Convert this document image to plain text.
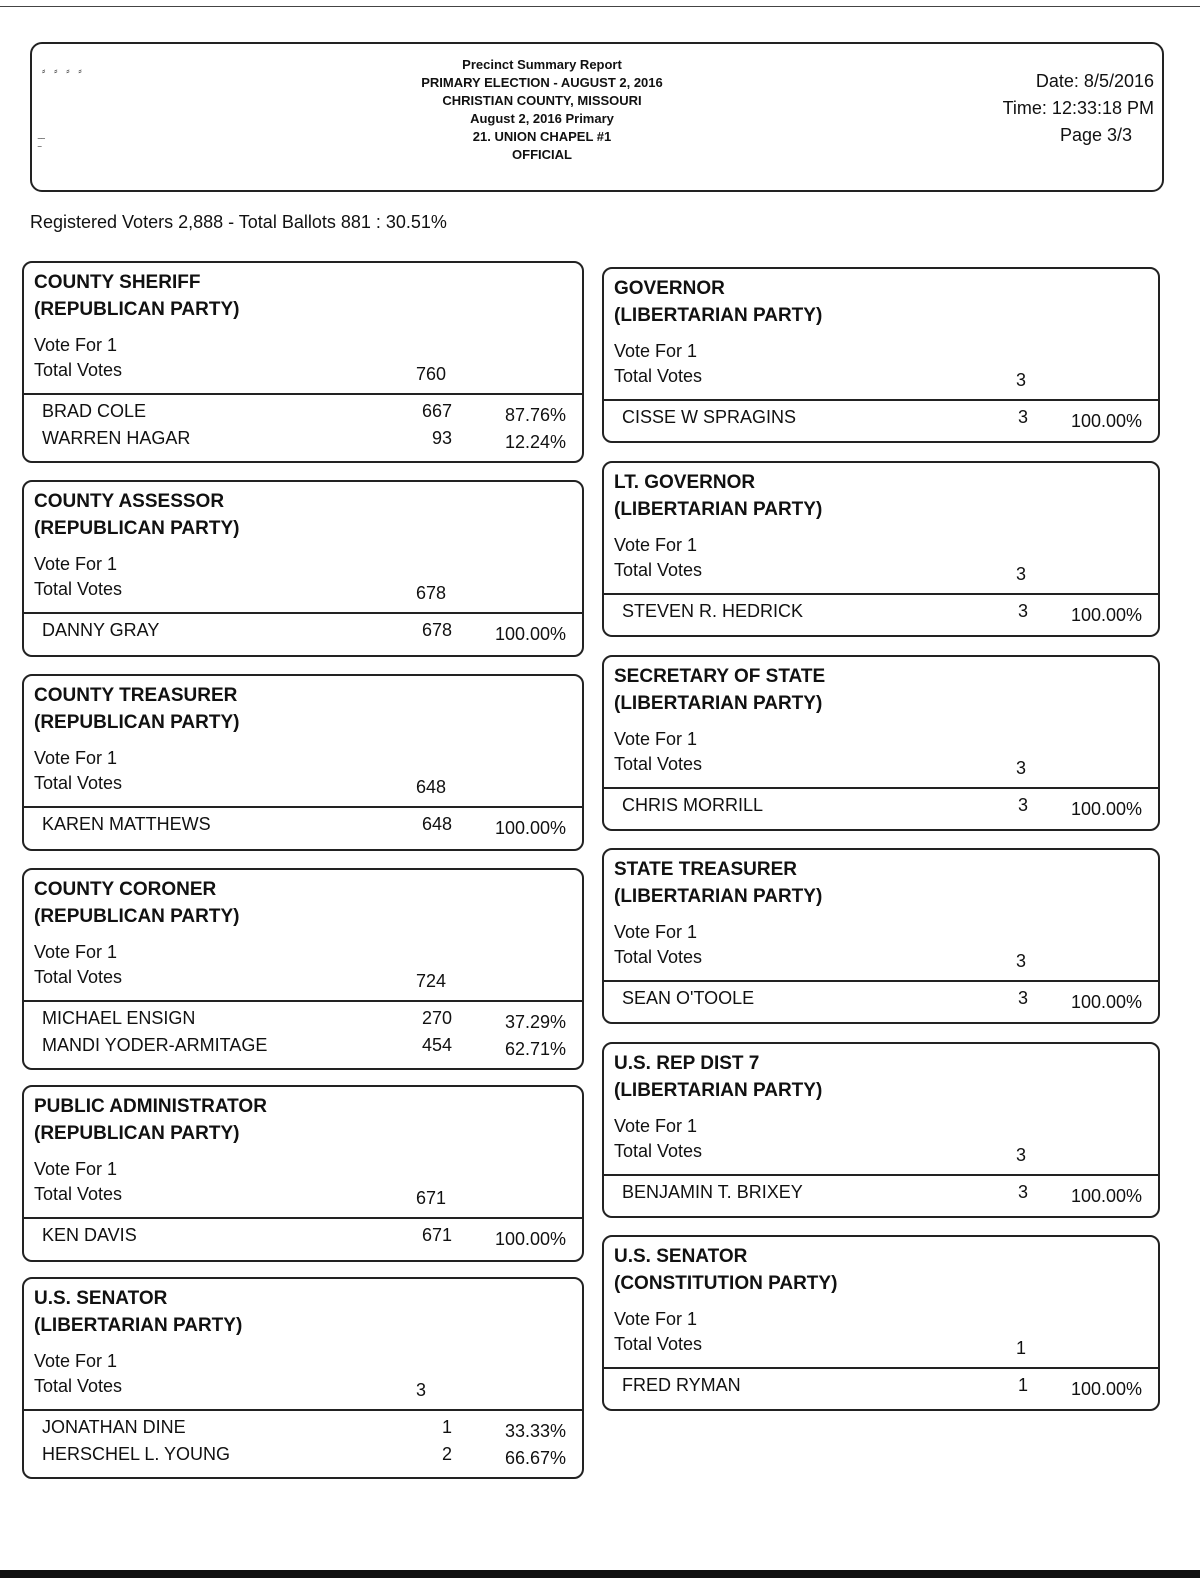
⸗ ⸗ ⸗ ⸗
‾‾
‾
Precinct Summary Report
PRIMARY ELECTION - AUGUST 2, 2016
CHRISTIAN COUNTY, MISSOURI
August 2, 2016 Primary
21. UNION CHAPEL #1
OFFICIAL
Date: 8/5/2016
Time: 12:33:18 PM
Page 3/3
Registered Voters 2,888 - Total Ballots 881 : 30.51%
COUNTY SHERIFF
(REPUBLICAN PARTY)
Vote For 1
Total Votes	760
BRAD COLE	667	87.76%
WARREN HAGAR	93	12.24%
COUNTY ASSESSOR
(REPUBLICAN PARTY)
Vote For 1
Total Votes	678
DANNY GRAY	678 100.00%
COUNTY TREASURER
(REPUBLICAN PARTY)
Vote For 1
Total Votes	648
KAREN MATTHEWS	648 100.00%
COUNTY CORONER
(REPUBLICAN PARTY)
Vote For 1
Total Votes	724
MICHAEL ENSIGN	270	37.29%
MANDI YODER-ARMITAGE	454	62.71%
PUBLIC ADMINISTRATOR
(REPUBLICAN PARTY)
Vote For 1
Total Votes	671
KEN DAVIS	671 100.00%
U.S. SENATOR
(LIBERTARIAN PARTY)
Vote For 1
Total Votes	3
JONATHAN DINE	1	33.33%
HERSCHEL L. YOUNG	2	66.67%
GOVERNOR
(LIBERTARIAN PARTY)
Vote For 1
Total Votes	3
CISSE W SPRAGINS	3 100.00%
LT. GOVERNOR
(LIBERTARIAN PARTY)
Vote For 1
Total Votes	3
STEVEN R. HEDRICK	3 100.00%
SECRETARY OF STATE
(LIBERTARIAN PARTY)
Vote For 1
Total Votes	3
CHRIS MORRILL	3 100.00%
STATE TREASURER
(LIBERTARIAN PARTY)
Vote For 1
Total Votes	3
SEAN O'TOOLE	3 100.00%
U.S. REP DIST 7
(LIBERTARIAN PARTY)
Vote For 1
Total Votes	3
BENJAMIN T. BRIXEY	3 100.00%
U.S. SENATOR
(CONSTITUTION PARTY)
Vote For 1
Total Votes	1
FRED RYMAN	1 100.00%
